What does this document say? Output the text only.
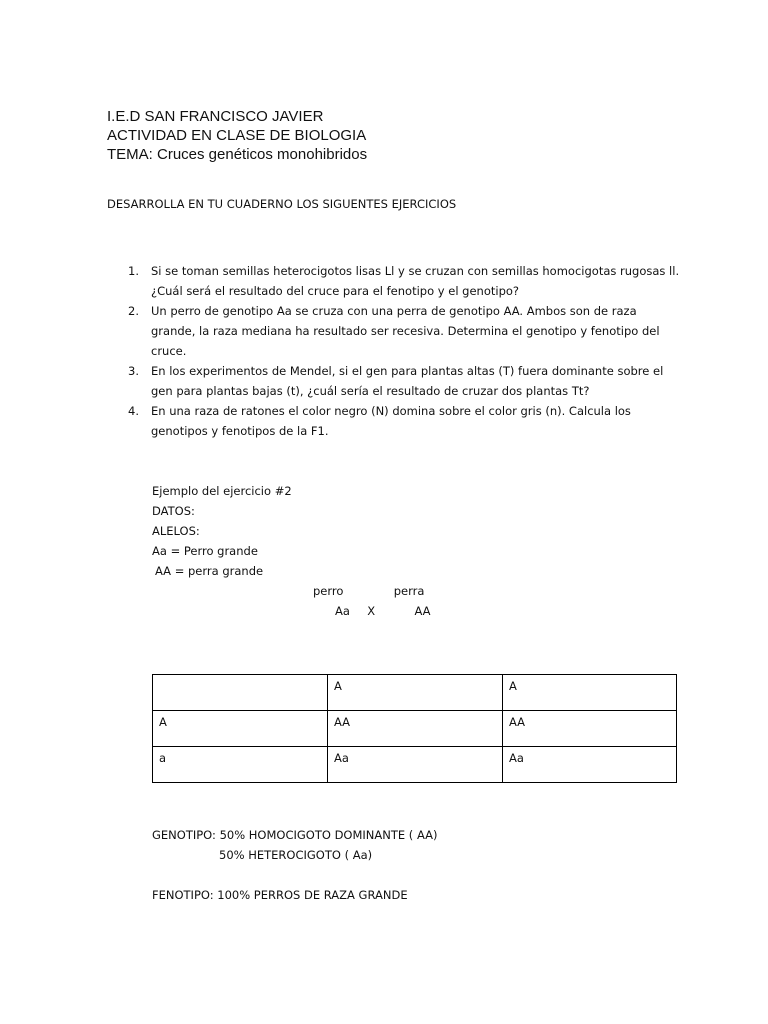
I.E.D SAN FRANCISCO JAVIER
ACTIVIDAD EN CLASE DE BIOLOGIA
TEMA: Cruces genéticos monohibridos
DESARROLLA EN TU CUADERNO LOS SIGUENTES EJERCICIOS
1. Si se toman semillas heterocigotos lisas Ll y se cruzan con semillas homocigotas rugosas ll.
¿Cuál será el resultado del cruce para el fenotipo y el genotipo?
2. Un perro de genotipo Aa se cruza con una perra de genotipo AA. Ambos son de raza
grande, la raza mediana ha resultado ser recesiva. Determina el genotipo y fenotipo del
cruce.
3. En los experimentos de Mendel, si el gen para plantas altas (T) fuera dominante sobre el
gen para plantas bajas (t), ¿cuál sería el resultado de cruzar dos plantas Tt?
4. En una raza de ratones el color negro (N) domina sobre el color gris (n). Calcula los
genotipos y fenotipos de la F1.
Ejemplo del ejercicio #2
DATOS:
ALELOS:
Aa = Perro grande
AA = perra grande
perro	perra
Aa X	AA
	A	A
A	AA	AA
a	Aa	Aa
GENOTIPO: 50% HOMOCIGOTO DOMINANTE ( AA)
50% HETEROCIGOTO ( Aa)
FENOTIPO: 100% PERROS DE RAZA GRANDE
